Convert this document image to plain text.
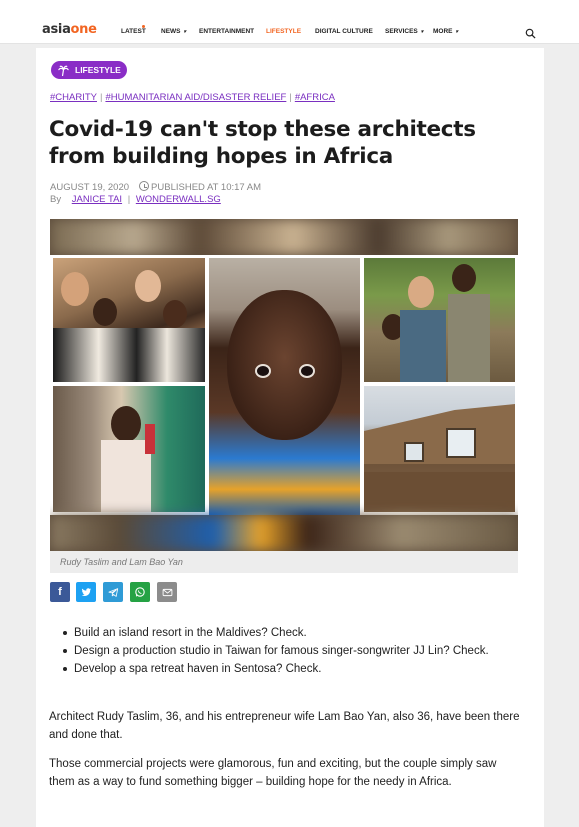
asiaone	LATEST NEWS ▾ ENTERTAINMENT LIFESTYLE DIGITAL CULTURE SERVICES ▾ MORE ▾
LIFESTYLE
#CHARITY | #HUMANITARIAN AID/DISASTER RELIEF | #AFRICA
Covid-19 can't stop these architects from building hopes in Africa
AUGUST 19, 2020 PUBLISHED AT 10:17 AM
By JANICE TAI | WONDERWALL.SG
Rudy Taslim and Lam Bao Yan
f
Build an island resort in the Maldives? Check.
Design a production studio in Taiwan for famous singer-songwriter JJ Lin? Check.
Develop a spa retreat haven in Sentosa? Check.

Architect Rudy Taslim, 36, and his entrepreneur wife Lam Bao Yan, also 36, have been there and done that.

Those commercial projects were glamorous, fun and exciting, but the couple simply saw them as a way to fund something bigger – building hope for the needy in Africa.
